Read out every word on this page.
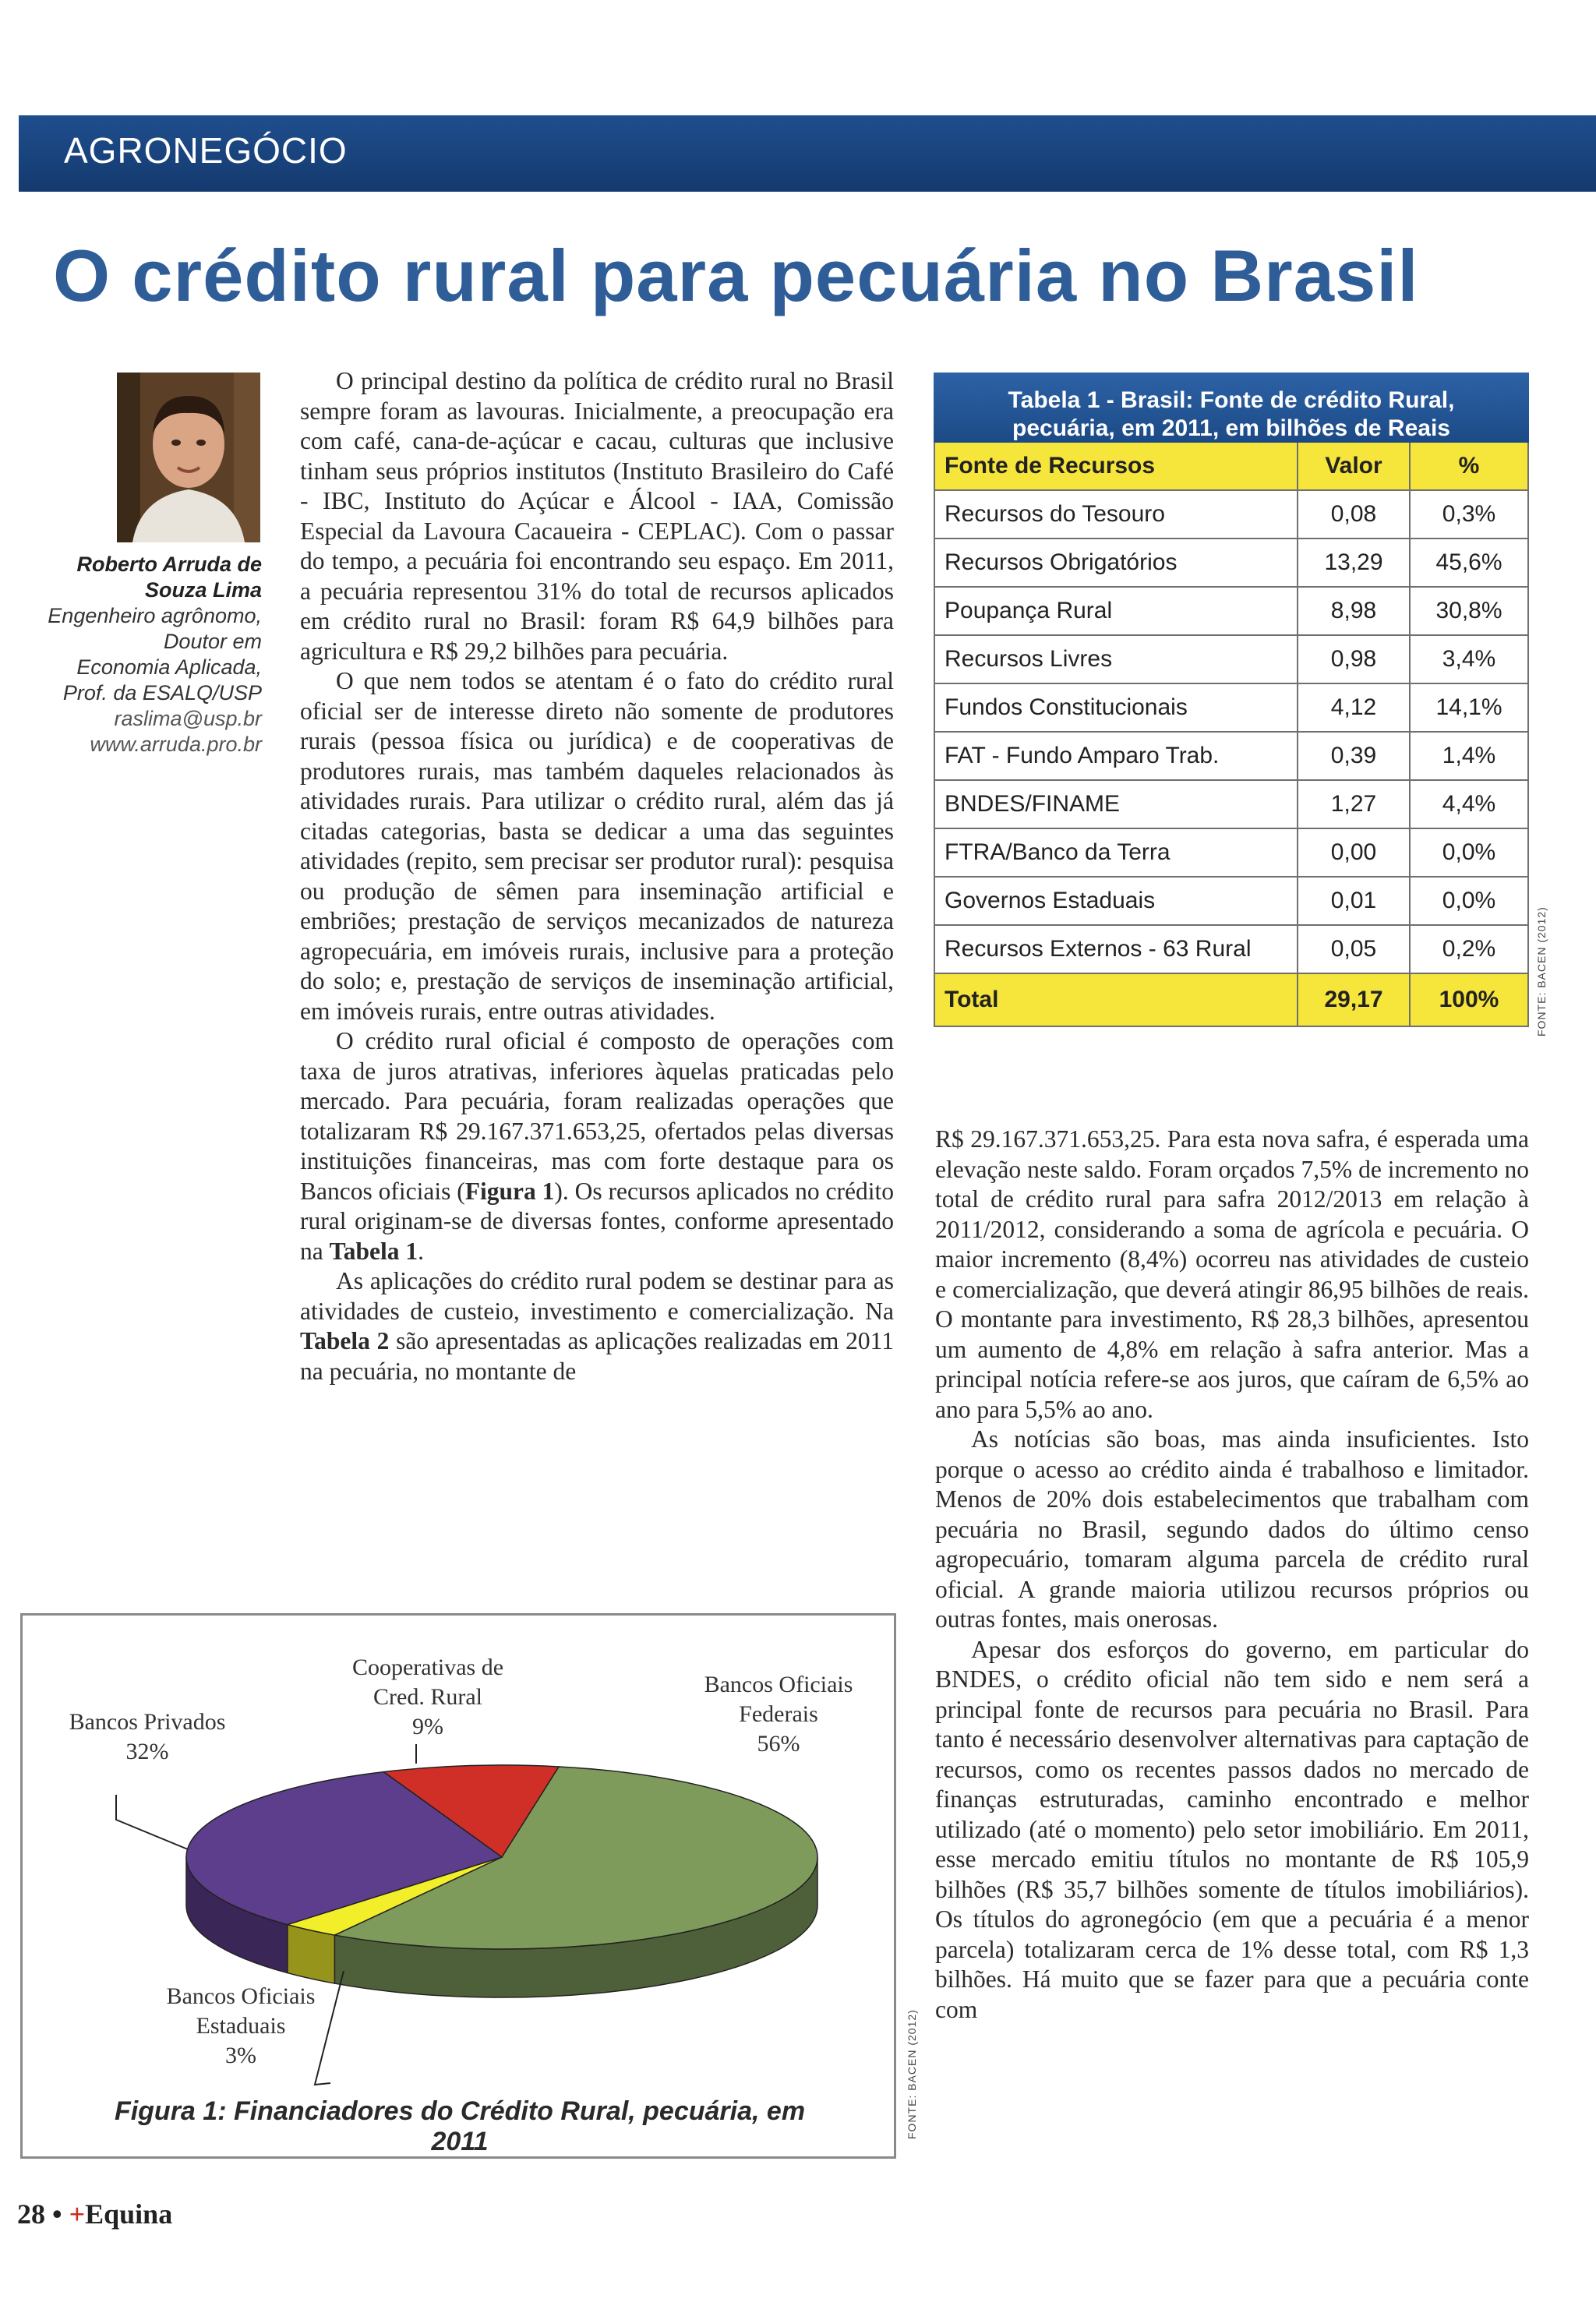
AGRONEGÓCIO
O crédito rural para pecuária no Brasil
Roberto Arruda de
Souza Lima
Engenheiro agrônomo,
Doutor em
Economia Aplicada,
Prof. da ESALQ/USP
raslima@usp.br
www.arruda.pro.br

O principal destino da política de crédito rural no Brasil sempre foram as lavouras. Inicialmente, a preocupação era com café, cana-de-açúcar e cacau, culturas que inclusive tinham seus próprios institutos (Instituto Brasileiro do Café - IBC, Instituto do Açúcar e Álcool - IAA, Comissão Especial da Lavoura Cacaueira - CEPLAC). Com o passar do tempo, a pecuária foi encontrando seu espaço. Em 2011, a pecuária representou 31% do total de recursos aplicados em crédito rural no Brasil: foram R$ 64,9 bilhões para agricultura e R$ 29,2 bilhões para pecuária.

O que nem todos se atentam é o fato do crédito rural oficial ser de interesse direto não somente de produtores rurais (pessoa física ou jurídica) e de cooperativas de produtores rurais, mas também daqueles relacionados às atividades rurais. Para utilizar o crédito rural, além das já citadas categorias, basta se dedicar a uma das seguintes atividades (repito, sem precisar ser produtor rural): pesquisa ou produção de sêmen para inseminação artificial e embriões; prestação de serviços mecanizados de natureza agropecuária, em imóveis rurais, inclusive para a proteção do solo; e, prestação de serviços de inseminação artificial, em imóveis rurais, entre outras atividades.

O crédito rural oficial é composto de operações com taxa de juros atrativas, inferiores àquelas praticadas pelo mercado. Para pecuária, foram realizadas operações que totalizaram R$ 29.167.371.653,25, ofertados pelas diversas instituições financeiras, mas com forte destaque para os Bancos oficiais (Figura 1). Os recursos aplicados no crédito rural originam-se de diversas fontes, conforme apresentado na Tabela 1.

As aplicações do crédito rural podem se destinar para as atividades de custeio, investimento e comercialização. Na Tabela 2 são apresentadas as aplicações realizadas em 2011 na pecuária, no montante de

Tabela 1 - Brasil: Fonte de crédito Rural,
pecuária, em 2011, em bilhões de Reais
Fonte de Recursos	Valor	%
Recursos do Tesouro	0,08	0,3%
Recursos Obrigatórios	13,29	45,6%
Poupança Rural	8,98	30,8%
Recursos Livres	0,98	3,4%
Fundos Constitucionais	4,12	14,1%
FAT - Fundo Amparo Trab.	0,39	1,4%
BNDES/FINAME	1,27	4,4%
FTRA/Banco da Terra	0,00	0,0%
Governos Estaduais	0,01	0,0%
Recursos Externos - 63 Rural	0,05	0,2%
Total	29,17	100%	FONTE: BACEN (2012)

R$ 29.167.371.653,25. Para esta nova safra, é esperada uma elevação neste saldo. Foram orçados 7,5% de incremento no total de crédito rural para safra 2012/2013 em relação à 2011/2012, considerando a soma de agrícola e pecuária. O maior incremento (8,4%) ocorreu nas atividades de custeio e comercialização, que deverá atingir 86,95 bilhões de reais. O montante para investimento, R$ 28,3 bilhões, apresentou um aumento de 4,8% em relação à safra anterior. Mas a principal notícia refere-se aos juros, que caíram de 6,5% ao ano para 5,5% ao ano.

As notícias são boas, mas ainda insuficientes. Isto porque o acesso ao crédito ainda é trabalhoso e limitador. Menos de 20% dois estabelecimentos que trabalham com pecuária no Brasil, segundo dados do último censo agropecuário, tomaram alguma parcela de crédito rural oficial. A grande maioria utilizou recursos próprios ou outras fontes, mais onerosas.

Apesar dos esforços do governo, em particular do BNDES, o crédito oficial não tem sido e nem será a principal fonte de recursos para pecuária no Brasil. Para tanto é necessário desenvolver alternativas para captação de recursos, como os recentes passos dados no mercado de finanças estruturadas, caminho encontrado e melhor utilizado (até o momento) pelo setor imobiliário. Em 2011, esse mercado emitiu títulos no montante de R$ 105,9 bilhões (R$ 35,7 bilhões somente de títulos imobiliários). Os títulos do agronegócio (em que a pecuária é a menor parcela) totalizaram cerca de 1% desse total, com R$ 1,3 bilhões. Há muito que se fazer para que a pecuária conte com

Cooperativas de
Cred. Rural
9%
Bancos Privados
32%
Bancos Oficiais
Federais
56%
Bancos Oficiais
Estaduais
3%
Figura 1: Financiadores do Crédito Rural, pecuária, em 2011
FONTE: BACEN (2012)
28 • +Equina
